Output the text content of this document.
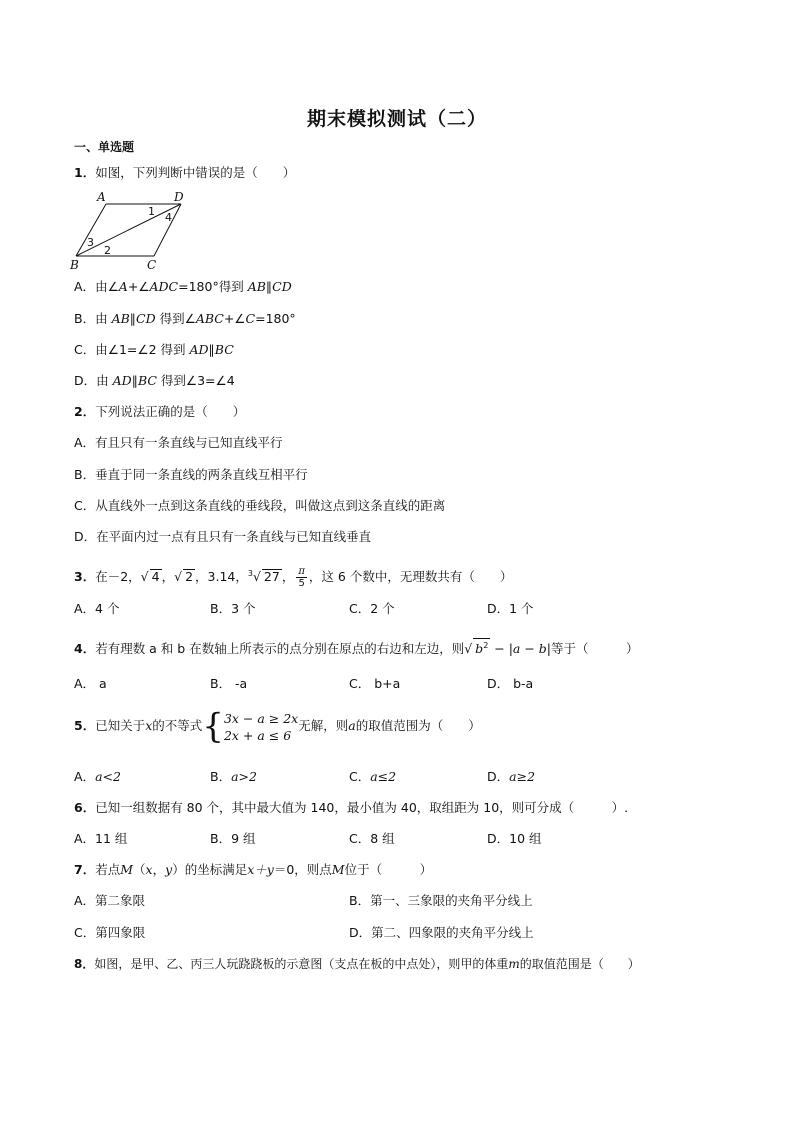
期末模拟测试（二）
一、单选题
1．如图，下列判断中错误的是（　　）
A	D
B	C
1
2
3
4
A．由∠A+∠ADC=180°得到 AB∥CD
B．由 AB∥CD 得到∠ABC+∠C=180°
C．由∠1=∠2 得到 AD∥BC
D．由 AD∥BC 得到∠3=∠4
2．下列说法正确的是（　　）
A．有且只有一条直线与已知直线平行
B．垂直于同一条直线的两条直线互相平行
C．从直线外一点到这条直线的垂线段，叫做这点到这条直线的距离
D．在平面内过一点有且只有一条直线与已知直线垂直
3．在－2，√ 4 ，√ 2 ，3.14，$^3$√ 27 ， $\frac{\pi}{5}$ ，这 6 个数中，无理数共有（　　）
A．4 个	B．3 个	C．2 个	D．1 个
4．若有理数 a 和 b 在数轴上所表示的点分别在原点的右边和左边，则√ $b^2 - |a - b|$等于（　　　）
A． a	B． -a	C． b+a	D． b-a
5．已知关于x的不等式{ 3x − a ≥ 2x
2x + a ≤ 6
无解，则a的取值范围为（　　）
A．a<2	B．a>2	C．a≤2	D．a≥2
6．已知一组数据有 80 个，其中最大值为 140，最小值为 40，取组距为 10，则可分成（　　　）.
A．11 组	B．9 组	C．8 组	D．10 组
7．若点M（x，y）的坐标满足x＋y＝0，则点M位于（　　　）
A．第二象限	B．第一、三象限的夹角平分线上
C．第四象限	D．第二、四象限的夹角平分线上
8．如图，是甲、乙、丙三人玩跷跷板的示意图（支点在板的中点处），则甲的体重m的取值范围是（　　）
